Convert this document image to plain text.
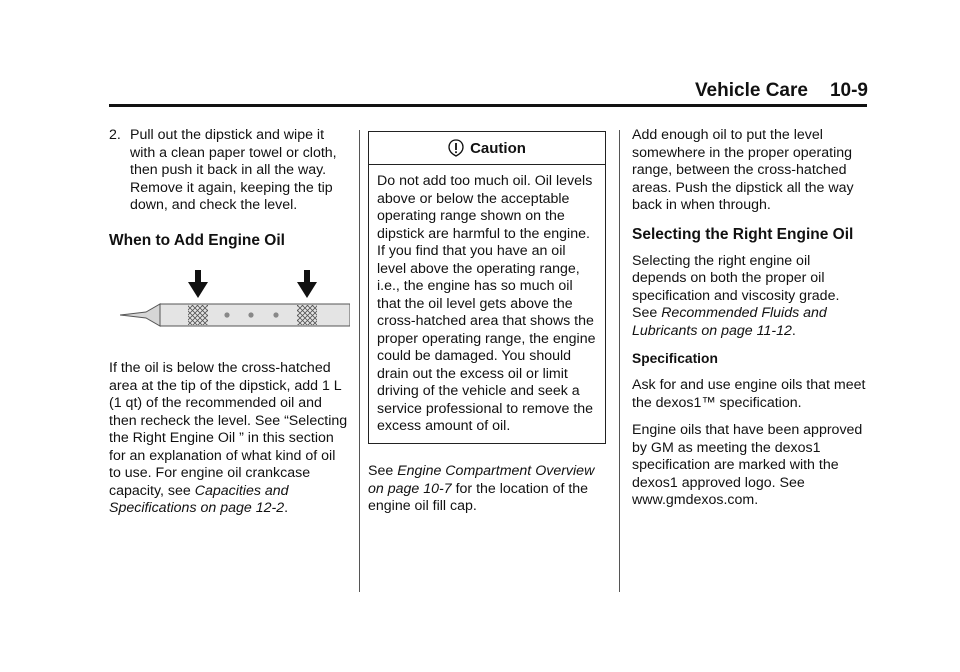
Vehicle Care 10-9
2. Pull out the dipstick and wipe it with a clean paper towel or cloth, then push it back in all the way. Remove it again, keeping the tip down, and check the level.
When to Add Engine Oil

If the oil is below the cross-hatched area at the tip of the dipstick, add 1 L (1 qt) of the recommended oil and then recheck the level. See “Selecting the Right Engine Oil ” in this section for an explanation of what kind of oil to use. For engine oil crankcase capacity, see Capacities and Specifications on page 12-2.

Caution
Do not add too much oil. Oil levels above or below the acceptable operating range shown on the dipstick are harmful to the engine. If you find that you have an oil level above the operating range, i.e., the engine has so much oil that the oil level gets above the cross-hatched area that shows the proper operating range, the engine could be damaged. You should drain out the excess oil or limit driving of the vehicle and seek a service professional to remove the excess amount of oil.

See Engine Compartment Overview on page 10-7 for the location of the engine oil fill cap.

Add enough oil to put the level somewhere in the proper operating range, between the cross-hatched areas. Push the dipstick all the way back in when through.

Selecting the Right Engine Oil

Selecting the right engine oil depends on both the proper oil specification and viscosity grade. See Recommended Fluids and Lubricants on page 11-12.

Specification

Ask for and use engine oils that meet the dexos1™ specification.

Engine oils that have been approved by GM as meeting the dexos1 specification are marked with the dexos1 approved logo. See www.gmdexos.com.
